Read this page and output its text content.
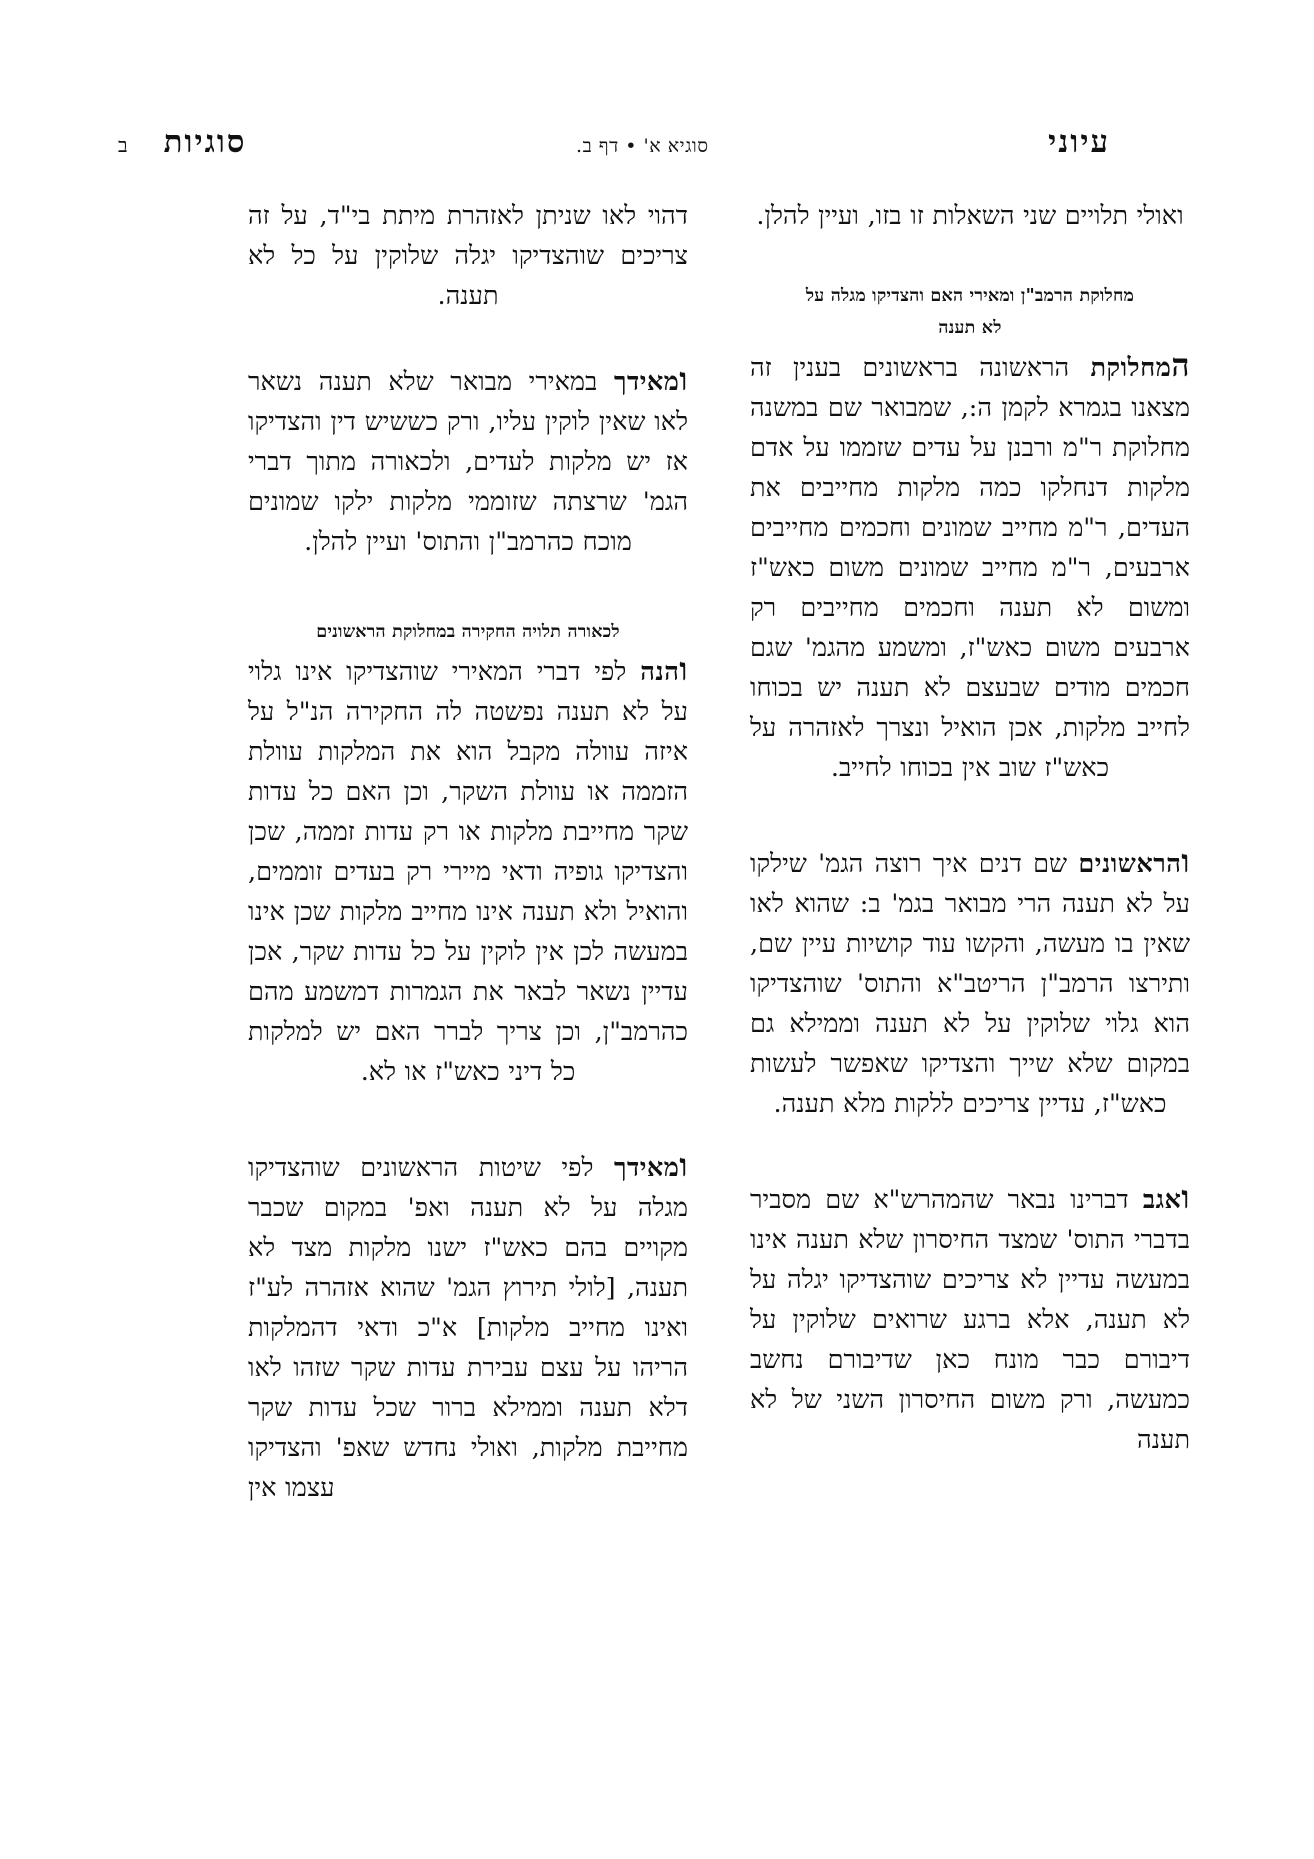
עיוני
סוגיא א' • דף ב.
סוגיות
ב

ואולי תלויים שני השאלות זו בזו, ועיין להלן.

מחלוקת הרמב"ן ומאירי האם והצדיקו מגלה על

לא תענה

המחלוקת הראשונה בראשונים בענין זה מצאנו בגמרא לקמן ה:, שמבואר שם במשנה מחלוקת ר"מ ורבנן על עדים שזממו על אדם מלקות דנחלקו כמה מלקות מחייבים את העדים, ר"מ מחייב שמונים וחכמים מחייבים ארבעים, ר"מ מחייב שמונים משום כאש"ז ומשום לא תענה וחכמים מחייבים רק ארבעים משום כאש"ז, ומשמע מהגמ' שגם חכמים מודים שבעצם לא תענה יש בכוחו לחייב מלקות, אכן הואיל ונצרך לאזהרה על כאש"ז שוב אין בכוחו לחייב.

והראשונים שם דנים איך רוצה הגמ' שילקו על לא תענה הרי מבואר בגמ' ב: שהוא לאו שאין בו מעשה, והקשו עוד קושיות עיין שם, ותירצו הרמב"ן הריטב"א והתוס' שוהצדיקו הוא גלוי שלוקין על לא תענה וממילא גם במקום שלא שייך והצדיקו שאפשר לעשות כאש"ז, עדיין צריכים ללקות מלא תענה.

ואגב דברינו נבאר שהמהרש"א שם מסביר בדברי התוס' שמצד החיסרון שלא תענה אינו במעשה עדיין לא צריכים שוהצדיקו יגלה על לא תענה, אלא ברגע שרואים שלוקין על דיבורם כבר מונח כאן שדיבורם נחשב כמעשה, ורק משום החיסרון השני של לא תענה

דהוי לאו שניתן לאזהרת מיתת בי"ד, על זה צריכים שוהצדיקו יגלה שלוקין על כל לא תענה.

ומאידך במאירי מבואר שלא תענה נשאר לאו שאין לוקין עליו, ורק כששיש דין והצדיקו אז יש מלקות לעדים, ולכאורה מתוך דברי הגמ' שרצתה שזוממי מלקות ילקו שמונים מוכח כהרמב"ן והתוס' ועיין להלן.

לכאורה תלויה החקירה במחלוקת הראשונים

והנה לפי דברי המאירי שוהצדיקו אינו גלוי על לא תענה נפשטה לה החקירה הנ"ל על איזה עוולה מקבל הוא את המלקות עוולת הזממה או עוולת השקר, וכן האם כל עדות שקר מחייבת מלקות או רק עדות זממה, שכן והצדיקו גופיה ודאי מיירי רק בעדים זוממים, והואיל ולא תענה אינו מחייב מלקות שכן אינו במעשה לכן אין לוקין על כל עדות שקר, אכן עדיין נשאר לבאר את הגמרות דמשמע מהם כהרמב"ן, וכן צריך לברר האם יש למלקות כל דיני כאש"ז או לא.

ומאידך לפי שיטות הראשונים שוהצדיקו מגלה על לא תענה ואפ' במקום שכבר מקויים בהם כאש"ז ישנו מלקות מצד לא תענה, [לולי תירוץ הגמ' שהוא אזהרה לע"ז ואינו מחייב מלקות] א"כ ודאי דהמלקות הריהו על עצם עבירת עדות שקר שזהו לאו דלא תענה וממילא ברור שכל עדות שקר מחייבת מלקות, ואולי נחדש שאפ' והצדיקו עצמו אין
